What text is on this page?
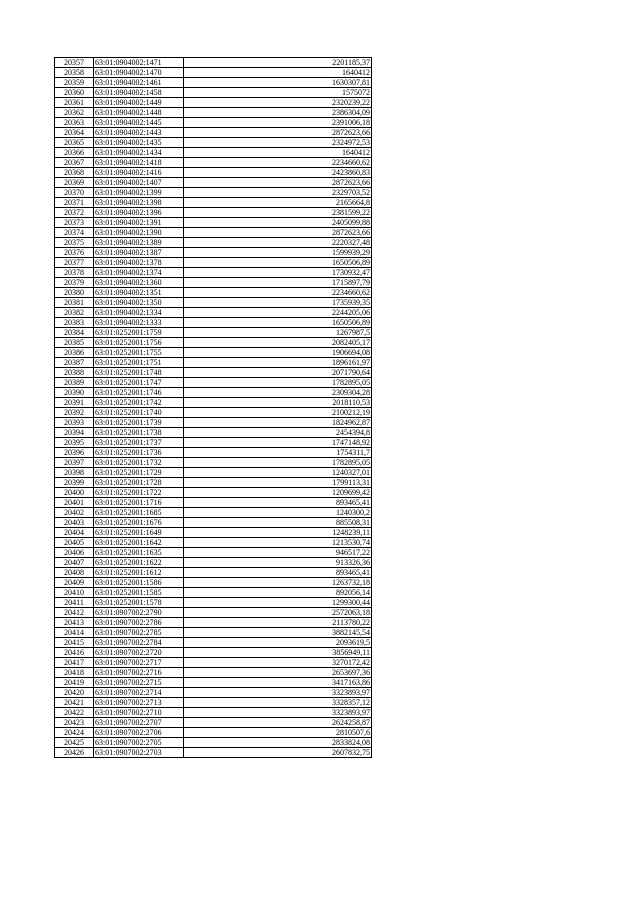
20357	63:01:0904002:1471	2201185,37
20358	63:01:0904002:1470	1640412
20359	63:01:0904002:1461	1630307,81
20360	63:01:0904002:1458	1575072
20361	63:01:0904002:1449	2320239,22
20362	63:01:0904002:1448	2386304,09
20363	63:01:0904002:1445	2391006,18
20364	63:01:0904002:1443	2872623,66
20365	63:01:0904002:1435	2324972,53
20366	63:01:0904002:1434	1640412
20367	63:01:0904002:1418	2234660,62
20368	63:01:0904002:1416	2423860,83
20369	63:01:0904002:1407	2872623,66
20370	63:01:0904002:1399	2329703,52
20371	63:01:0904002:1398	2165664,8
20372	63:01:0904002:1396	2381599,22
20373	63:01:0904002:1391	2405099,88
20374	63:01:0904002:1390	2872623,66
20375	63:01:0904002:1389	2220327,48
20376	63:01:0904002:1387	1599939,29
20377	63:01:0904002:1378	1650506,89
20378	63:01:0904002:1374	1730932,47
20379	63:01:0904002:1360	1715897,79
20380	63:01:0904002:1351	2234660,62
20381	63:01:0904002:1350	1735939,35
20382	63:01:0904002:1334	2244205,06
20383	63:01:0904002:1333	1650506,89
20384	63:01:0252001:1759	1267987,5
20385	63:01:0252001:1756	2082405,17
20386	63:01:0252001:1755	1906694,08
20387	63:01:0252001:1751	1896161,97
20388	63:01:0252001:1748	2071790,64
20389	63:01:0252001:1747	1782895,05
20390	63:01:0252001:1746	2309304,28
20391	63:01:0252001:1742	2018110,53
20392	63:01:0252001:1740	2100212,19
20393	63:01:0252001:1739	1824962,87
20394	63:01:0252001:1738	2454394,8
20395	63:01:0252001:1737	1747148,92
20396	63:01:0252001:1736	1754311,7
20397	63:01:0252001:1732	1782895,05
20398	63:01:0252001:1729	1240327,01
20399	63:01:0252001:1728	1799113,31
20400	63:01:0252001:1722	1209699,42
20401	63:01:0252001:1716	893465,41
20402	63:01:0252001:1685	1240300,2
20403	63:01:0252001:1676	885508,31
20404	63:01:0252001:1649	1248239,11
20405	63:01:0252001:1642	1213530,74
20406	63:01:0252001:1635	946517,22
20407	63:01:0252001:1622	913326,36
20408	63:01:0252001:1612	893465,41
20409	63:01:0252001:1586	1263732,18
20410	63:01:0252001:1585	892056,14
20411	63:01:0252001:1578	1299300,44
20412	63:01:0907002:2790	2572063,18
20413	63:01:0907002:2786	2113780,22
20414	63:01:0907002:2785	3882145,54
20415	63:01:0907002:2784	2093619,5
20416	63:01:0907002:2720	3856949,11
20417	63:01:0907002:2717	3270172,42
20418	63:01:0907002:2716	2653697,36
20419	63:01:0907002:2715	3417163,86
20420	63:01:0907002:2714	3323893,97
20421	63:01:0907002:2713	3328357,12
20422	63:01:0907002:2710	3323893,97
20423	63:01:0907002:2707	2624258,87
20424	63:01:0907002:2706	2810507,6
20425	63:01:0907002:2705	2833824,08
20426	63:01:0907002:2703	2607832,75
